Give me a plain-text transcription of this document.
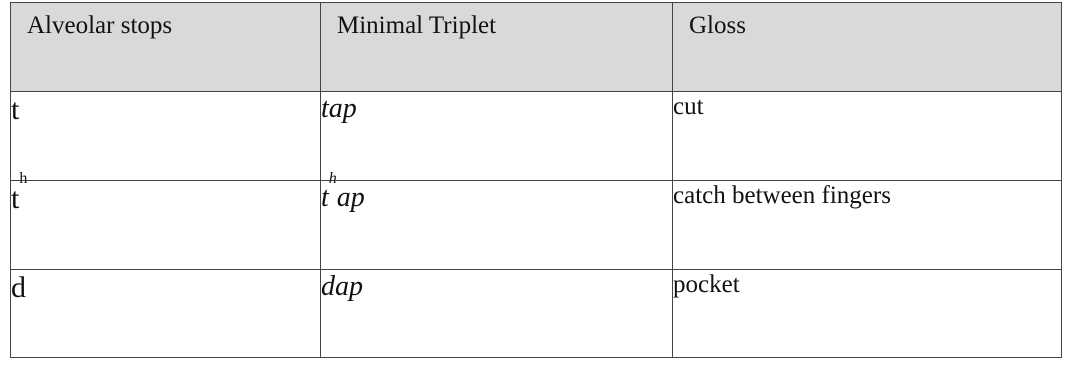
Alveolar stops	Minimal Triplet	Gloss
t	tap	cut
$t^h$	$t^hap$	catch between fingers
d	dap	pocket
